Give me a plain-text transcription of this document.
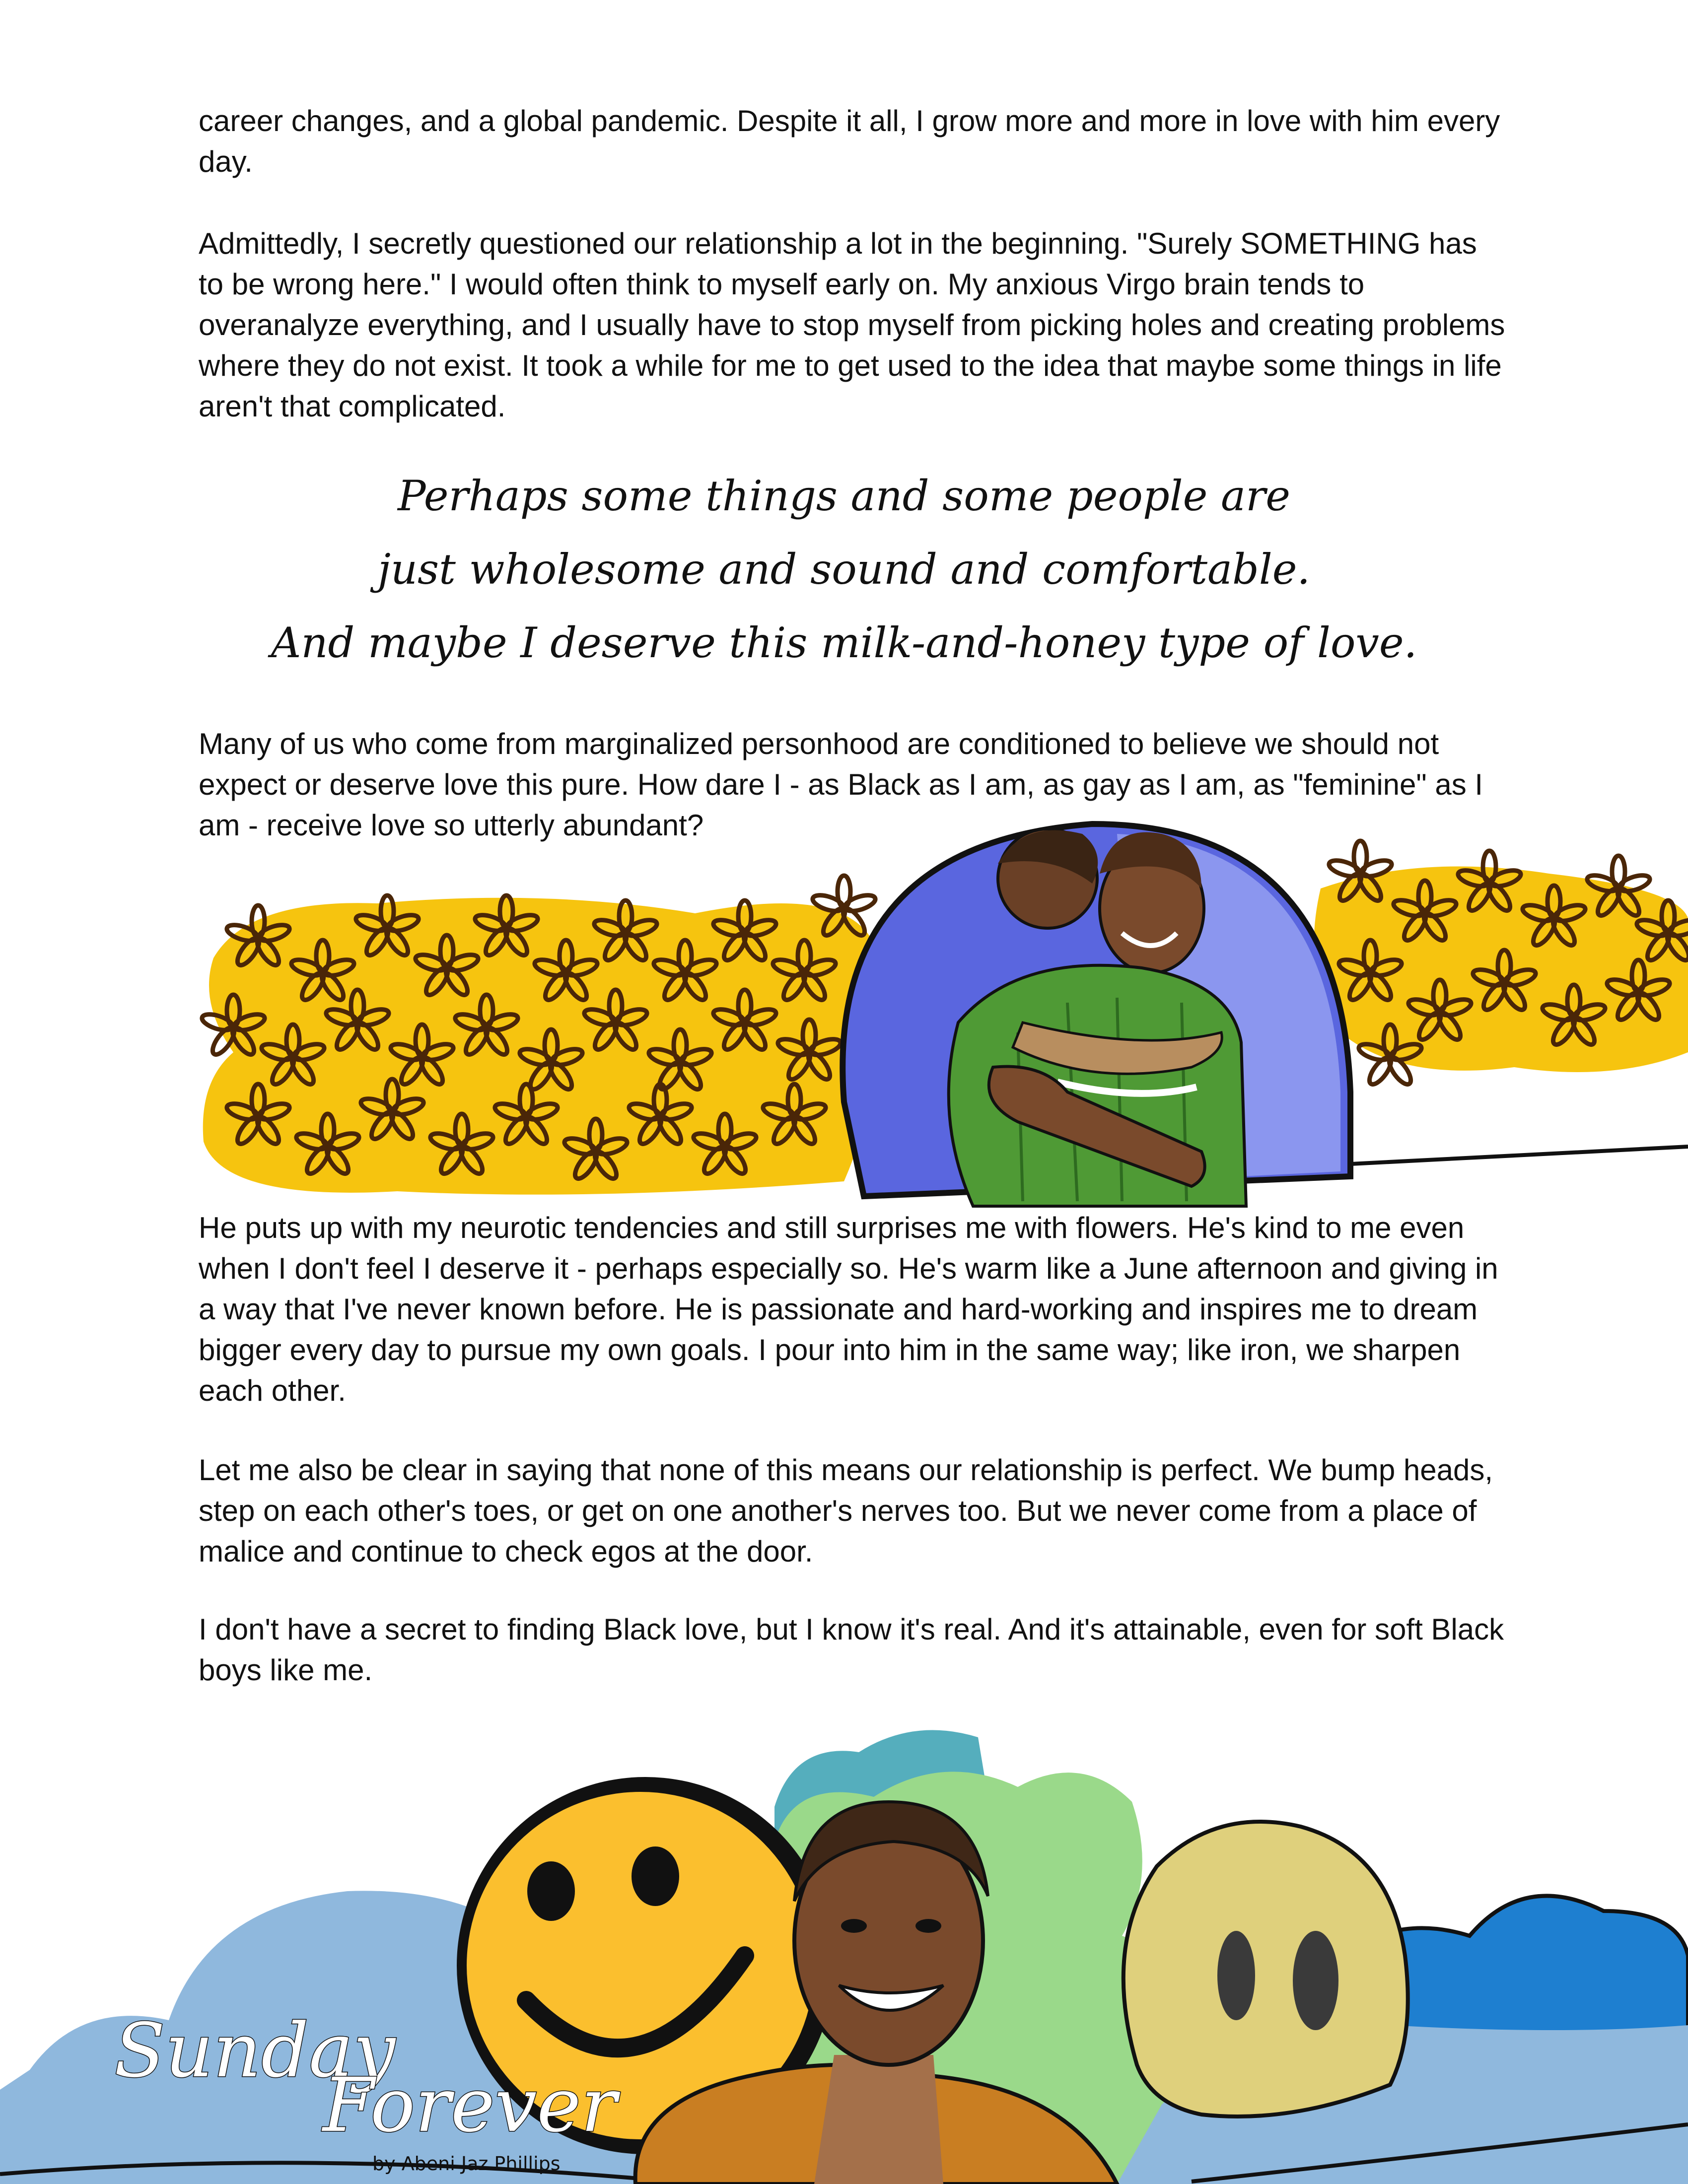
career changes, and a global pandemic. Despite it all, I grow more and more in love with him every day.

Admittedly, I secretly questioned our relationship a lot in the beginning. "Surely SOMETHING has to be wrong here." I would often think to myself early on. My anxious Virgo brain tends to overanalyze everything, and I usually have to stop myself from picking holes and creating problems where they do not exist. It took a while for me to get used to the idea that maybe some things in life aren't that complicated.

Perhaps some things and some people are
just wholesome and sound and comfortable.
And maybe I deserve this milk-and-honey type of love.

Many of us who come from marginalized personhood are conditioned to believe we should not expect or deserve love this pure. How dare I - as Black as I am, as gay as I am, as "feminine" as I am - receive love so utterly abundant?

He puts up with my neurotic tendencies and still surprises me with flowers. He's kind to me even when I don't feel I deserve it - perhaps especially so. He's warm like a June afternoon and giving in a way that I've never known before. He is passionate and hard-working and inspires me to dream bigger every day to pursue my own goals. I pour into him in the same way; like iron, we sharpen each other.

Let me also be clear in saying that none of this means our relationship is perfect. We bump heads, step on each other's toes, or get on one another's nerves too. But we never come from a place of malice and continue to check egos at the door.

I don't have a secret to finding Black love, but I know it's real. And it's attainable, even for soft Black boys like me.

Sunday
Forever
by Abeni Jaz Phillips
